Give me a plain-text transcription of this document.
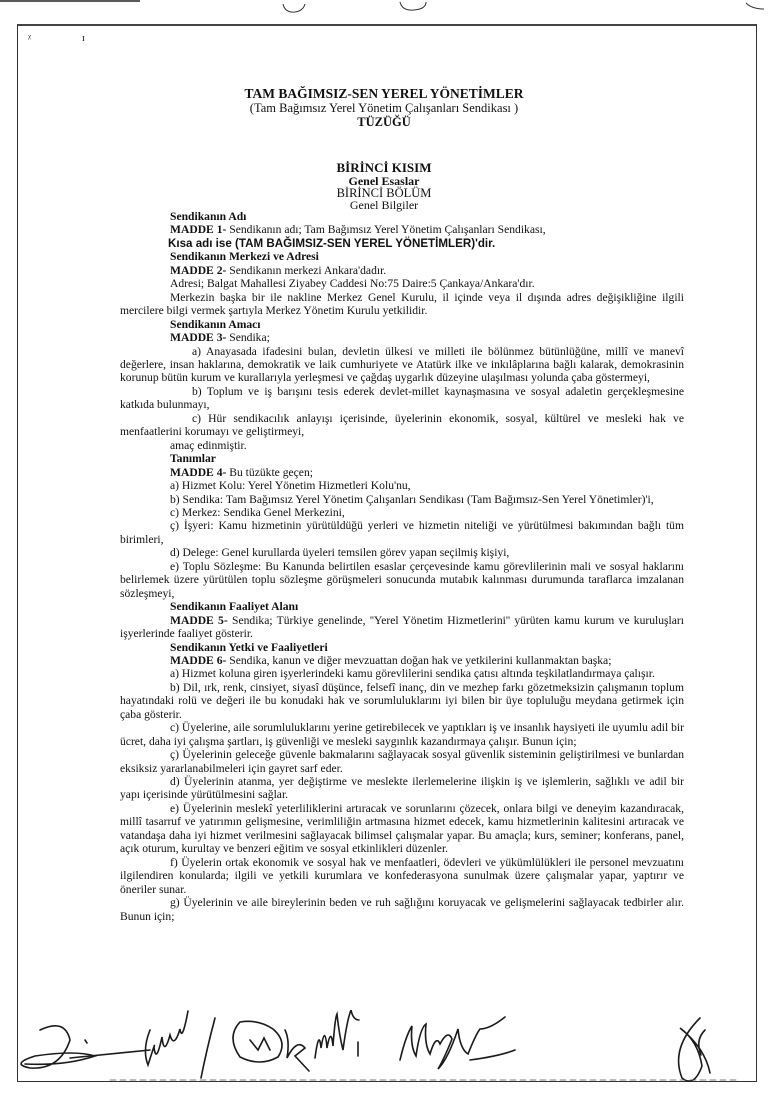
ᵡ ɪ
TAM BAĞIMSIZ-SEN YEREL YÖNETİMLER
(Tam Bağımsız Yerel Yönetim Çalışanları Sendikası )
TÜZÜĞÜ
BİRİNCİ KISIM
Genel Esaslar
BİRİNCİ BÖLÜM
Genel Bilgiler

Sendikanın Adı

MADDE 1- Sendikanın adı; Tam Bağımsız Yerel Yönetim Çalışanları Sendikası,

Kısa adı ise (TAM BAĞIMSIZ-SEN YEREL YÖNETİMLER)'dir.

Sendikanın Merkezi ve Adresi

MADDE 2- Sendikanın merkezi Ankara'dadır.

Adresi; Balgat Mahallesi Ziyabey Caddesi No:75 Daire:5 Çankaya/Ankara'dır.

Merkezin başka bir ile nakline Merkez Genel Kurulu, il içinde veya il dışında adres değişikliğine ilgili mercilere bilgi vermek şartıyla Merkez Yönetim Kurulu yetkilidir.

Sendikanın Amacı

MADDE 3- Sendika;

a) Anayasada ifadesini bulan, devletin ülkesi ve milleti ile bölünmez bütünlüğüne, millî ve manevî değerlere, insan haklarına, demokratik ve laik cumhuriyete ve Atatürk ilke ve inkılâplarına bağlı kalarak, demokrasinin korunup bütün kurum ve kurallarıyla yerleşmesi ve çağdaş uygarlık düzeyine ulaşılması yolunda çaba göstermeyi,

b) Toplum ve iş barışını tesis ederek devlet-millet kaynaşmasına ve sosyal adaletin gerçekleşmesine katkıda bulunmayı,

c) Hür sendikacılık anlayışı içerisinde, üyelerinin ekonomik, sosyal, kültürel ve mesleki hak ve menfaatlerini korumayı ve geliştirmeyi,

amaç edinmiştir.

Tanımlar

MADDE 4- Bu tüzükte geçen;

a) Hizmet Kolu: Yerel Yönetim Hizmetleri Kolu'nu,

b) Sendika: Tam Bağımsız Yerel Yönetim Çalışanları Sendikası (Tam Bağımsız-Sen Yerel Yönetimler)'i,

c) Merkez: Sendika Genel Merkezini,

ç) İşyeri: Kamu hizmetinin yürütüldüğü yerleri ve hizmetin niteliği ve yürütülmesi bakımından bağlı tüm birimleri,

d) Delege: Genel kurullarda üyeleri temsilen görev yapan seçilmiş kişiyi,

e) Toplu Sözleşme: Bu Kanunda belirtilen esaslar çerçevesinde kamu görevlilerinin mali ve sosyal haklarını belirlemek üzere yürütülen toplu sözleşme görüşmeleri sonucunda mutabık kalınması durumunda taraflarca imzalanan sözleşmeyi,

Sendikanın Faaliyet Alanı

MADDE 5- Sendika; Türkiye genelinde, ''Yerel Yönetim Hizmetlerini'' yürüten kamu kurum ve kuruluşları işyerlerinde faaliyet gösterir.

Sendikanın Yetki ve Faaliyetleri

MADDE 6- Sendika, kanun ve diğer mevzuattan doğan hak ve yetkilerini kullanmaktan başka;

a) Hizmet koluna giren işyerlerindeki kamu görevlilerini sendika çatısı altında teşkilatlandırmaya çalışır.

b) Dil, ırk, renk, cinsiyet, siyasî düşünce, felsefî inanç, din ve mezhep farkı gözetmeksizin çalışmanın toplum hayatındaki rolü ve değeri ile bu konudaki hak ve sorumluluklarını iyi bilen bir üye topluluğu meydana getirmek için çaba gösterir.

c) Üyelerine, aile sorumluluklarını yerine getirebilecek ve yaptıkları iş ve insanlık haysiyeti ile uyumlu adil bir ücret, daha iyi çalışma şartları, iş güvenliği ve mesleki saygınlık kazandırmaya çalışır. Bunun için;

ç) Üyelerinin geleceğe güvenle bakmalarını sağlayacak sosyal güvenlik sisteminin geliştirilmesi ve bunlardan eksiksiz yararlanabilmeleri için gayret sarf eder.

d) Üyelerinin atanma, yer değiştirme ve meslekte ilerlemelerine ilişkin iş ve işlemlerin, sağlıklı ve adil bir yapı içerisinde yürütülmesini sağlar.

e) Üyelerinin meslekî yeterliliklerini artıracak ve sorunlarını çözecek, onlara bilgi ve deneyim kazandıracak, millî tasarruf ve yatırımın gelişmesine, verimliliğin artmasına hizmet edecek, kamu hizmetlerinin kalitesini artıracak ve vatandaşa daha iyi hizmet verilmesini sağlayacak bilimsel çalışmalar yapar. Bu amaçla; kurs, seminer; konferans, panel, açık oturum, kurultay ve benzeri eğitim ve sosyal etkinlikleri düzenler.

f) Üyelerin ortak ekonomik ve sosyal hak ve menfaatleri, ödevleri ve yükümlülükleri ile personel mevzuatını ilgilendiren konularda; ilgili ve yetkili kurumlara ve konfederasyona sunulmak üzere çalışmalar yapar, yaptırır ve öneriler sunar.

g) Üyelerinin ve aile bireylerinin beden ve ruh sağlığını koruyacak ve gelişmelerini sağlayacak tedbirler alır. Bunun için;
